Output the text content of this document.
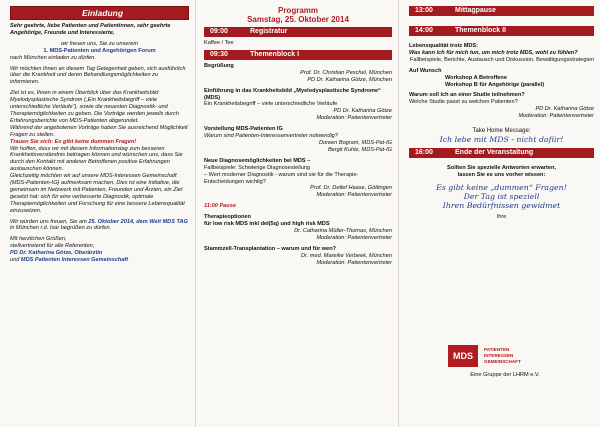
Einladung

Sehr geehrte, liebe Patienten und Patientinnen, sehr geehrte Angehörige, Freunde und Interessierte,

wir freuen uns, Sie zu unserem

1. MDS-Patienten und Angehörigen Forum

nach München einladen zu dürfen.

Wir möchten Ihnen an diesem Tag Gelegenheit geben, sich ausführlich über die Krankheit und deren Behandlungsmöglichkeiten zu informieren.

Ziel ist es, Ihnen in einem Überblick über das Krankheitsbild Myelodysplastische Syndrom („Ein Krankheitsbegriff – viele unterschiedliche Verläufe“), sowie die neuesten Diagnostik- und Therapiemöglichkeiten zu geben. Die Vorträge werden jeweils durch Erfahrungsberichte von MDS-Patienten abgerundet.

Während der angebotenen Vorträge haben Sie ausreichend Möglichkeit Fragen zu stellen.

Trauen Sie sich: Es gibt keine dummen Fragen!

Wir hoffen, dass wir mit diesem Informationstag zum besseren Krankheitsverständnis beitragen können und wünschen uns, dass Sie durch den Kontakt mit anderen Betroffenen positive Erfahrungen austauschen können.

Gleichzeitig möchten wir auf unsere MDS-Interessen Gemeinschaft (MDS-Patienten-IG) aufmerksam machen. Dies ist eine Initiative, die gemeinsam im Netzwerk mit Patienten, Freunden und Ärzten, ein Ziel gesetzt hat: sich für eine verbesserte Diagnostik, optimale Therapiemöglichkeiten und Forschung für eine bessere Lebensqualität einzusetzen.

Wir würden uns freuen, Sie am 25. Oktober 2014, dem Welt MDS TAG in München r.d. Isar begrüßen zu dürfen.

Mit herzlichen Grüßen,

stellvertretend für alle Referenten,

PD Dr. Katharina Götze, Oberärztin

und MDS Patienten Interessen Gemeinschaft

Programm
Samstag, 25. Oktober 2014
09:00	Registratur

Kaffee / Tee

09:30	Themenblock I

Begrüßung

Prof. Dr. Christian Peschel, München

PD Dr. Katharina Götze, München

Einführung in das Krankheitsbild „Myelodysplastische Syndrome“ (MDS)

Ein Krankheitsbegriff – viele unterschiedliche Verläufe

PD Dr. Katharina Götze

Moderation: Patientenvertreter

Vorstellung MDS-Patienten IG

Warum sind Patienten-Interessenvertreter notwendig?

Doreen Bogram, MDS-Pat-IG

Bergit Kuhle, MDS-Pat-IG

Neue Diagnosemöglichkeiten bei MDS –

Fallbeispiele: Schwierige Diagnosestellung

– Wert moderner Diagnostik - warum sind sie für die Therapie-Entscheidungen wichtig?

Prof. Dr. Detlef Haase, Göttingen

Moderation: Patientenvertreter

11:00 Pause

Therapieoptionen

für low risk MDS inkl del(5q) und high risk MDS

Dr. Catharina Müller-Thomas, München

Moderation: Patientenvertreter

Stammzell-Transplantation – warum und für wen?

Dr. med. Mareike Verbeek, München

Moderation: Patientenvertreter

13:00	Mittagpause
14:00	Themenblock II

Lebensqualität trotz MDS:

Was kann ich für mich tun, um mich trotz MDS, wohl zu fühlen?

Fallbeispiele, Berichte, Austausch und Diskussion. Bewältigungsstrategien

Auf Wunsch

Workshop A Betroffene

Workshop B für Angehörige (parallel)

Warum soll ich an einer Studie teilnehmen?

Welche Studie passt zu welchen Patienten?

PD Dr. Katharina Götze

Moderation: Patientenvertreter

Take Home Message:

Ich lebe mit MDS - nicht dafür!
16:00	Ende der Veranstaltung

Sollten Sie spezielle Antworten erwarten,

lassen Sie es uns vorher wissen:

Es gibt keine „dummen“ Fragen!
Der Tag ist speziell
Ihren Bedürfnissen gewidmet

Ihre

MDS
PATIENTEN
INTERESSEN
GEMEINSCHAFT
Eine Gruppe der LHRM e.V.
